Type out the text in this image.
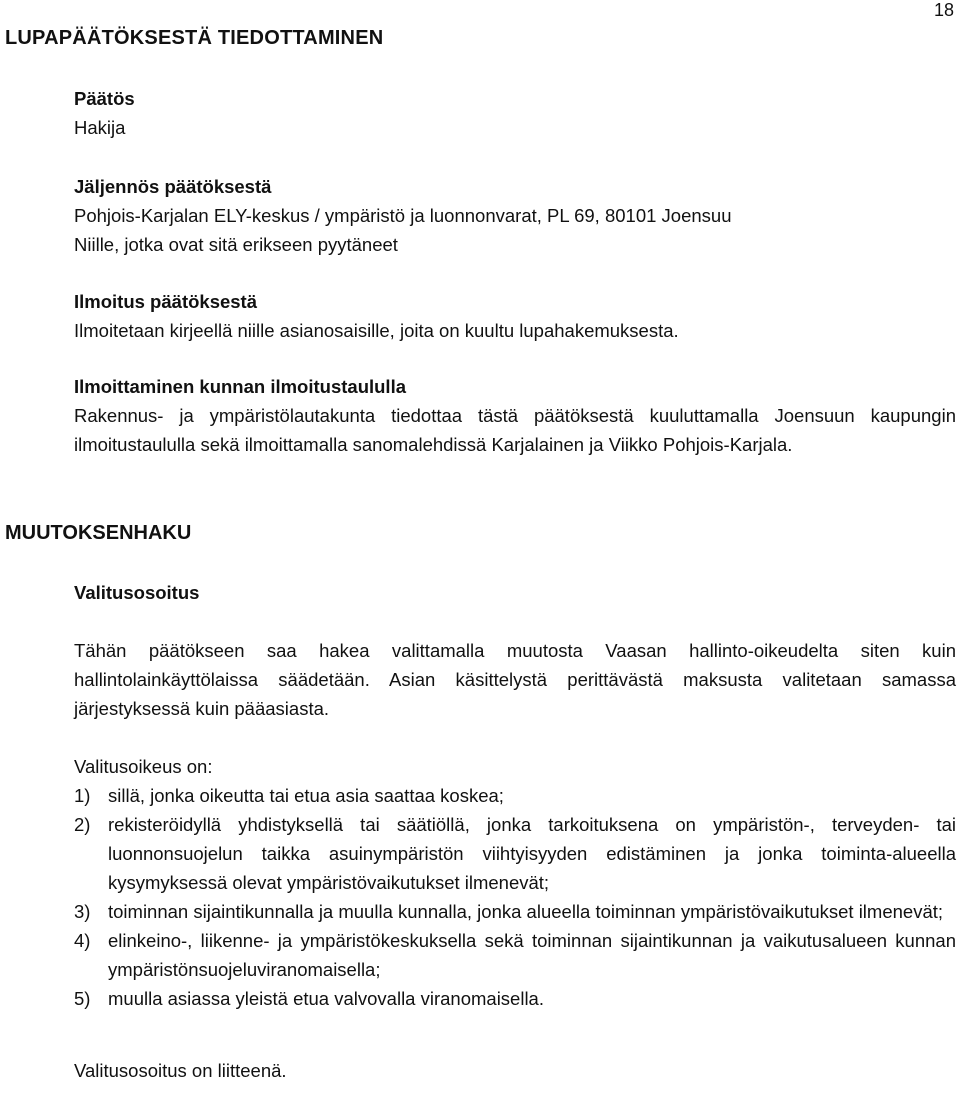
18
LUPAPÄÄTÖKSESTÄ TIEDOTTAMINEN

Päätös

Hakija

Jäljennös päätöksestä

Pohjois-Karjalan ELY-keskus / ympäristö ja luonnonvarat, PL 69, 80101 Joensuu

Niille, jotka ovat sitä erikseen pyytäneet

Ilmoitus päätöksestä

Ilmoitetaan kirjeellä niille asianosaisille, joita on kuultu lupahakemuksesta.

Ilmoittaminen kunnan ilmoitustaululla

Rakennus- ja ympäristölautakunta tiedottaa tästä päätöksestä kuuluttamalla Joensuun kaupungin ilmoitustaululla sekä ilmoittamalla sanomalehdissä Karjalainen ja Viikko Pohjois-Karjala.

MUUTOKSENHAKU

Valitusosoitus

Tähän päätökseen saa hakea valittamalla muutosta Vaasan hallinto-oikeudelta siten kuin hallintolainkäyttölaissa säädetään. Asian käsittelystä perittävästä maksusta valitetaan samassa järjestyksessä kuin pääasiasta.

Valitusoikeus on:

1) sillä, jonka oikeutta tai etua asia saattaa koskea;
2) rekisteröidyllä yhdistyksellä tai säätiöllä, jonka tarkoituksena on ympäristön-, terveyden- tai luonnonsuojelun taikka asuinympäristön viihtyisyyden edistäminen ja jonka toiminta-alueella kysymyksessä olevat ympäristövaikutukset ilmenevät;
3) toiminnan sijaintikunnalla ja muulla kunnalla, jonka alueella toiminnan ympäristövaikutukset ilmenevät;
4) elinkeino-, liikenne- ja ympäristökeskuksella sekä toiminnan sijaintikunnan ja vaikutusalueen kunnan ympäristönsuojeluviranomaisella;
5) muulla asiassa yleistä etua valvovalla viranomaisella.

Valitusosoitus on liitteenä.
